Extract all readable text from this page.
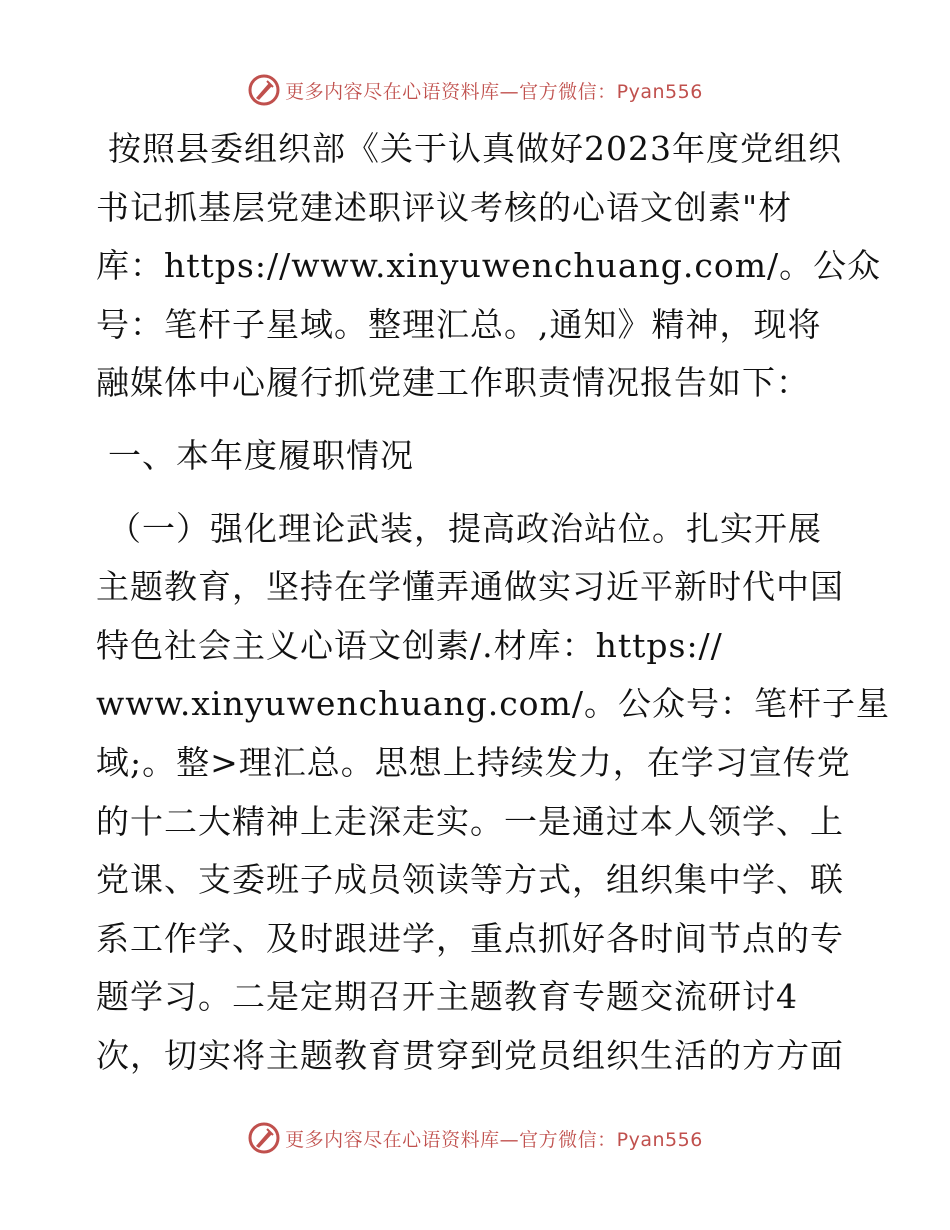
更多内容尽在心语资料库—官方微信：Pyan556

按照县委组织部《关于认真做好2023年度党组织
书记抓基层党建述职评议考核的心语文创素"材
库：https://www.xinyuwenchuang.com/。公众
号：笔杆子星域。整理汇总。,通知》精神，现将
融媒体中心履行抓党建工作职责情况报告如下：

一、本年度履职情况

（一）强化理论武装，提高政治站位。扎实开展
主题教育，坚持在学懂弄通做实习近平新时代中国
特色社会主义心语文创素/.材库：https://
www.xinyuwenchuang.com/。公众号：笔杆子星
域;。整>理汇总。思想上持续发力，在学习宣传党
的十二大精神上走深走实。一是通过本人领学、上
党课、支委班子成员领读等方式，组织集中学、联
系工作学、及时跟进学，重点抓好各时间节点的专
题学习。二是定期召开主题教育专题交流研讨4
次，切实将主题教育贯穿到党员组织生活的方方面

更多内容尽在心语资料库—官方微信：Pyan556
